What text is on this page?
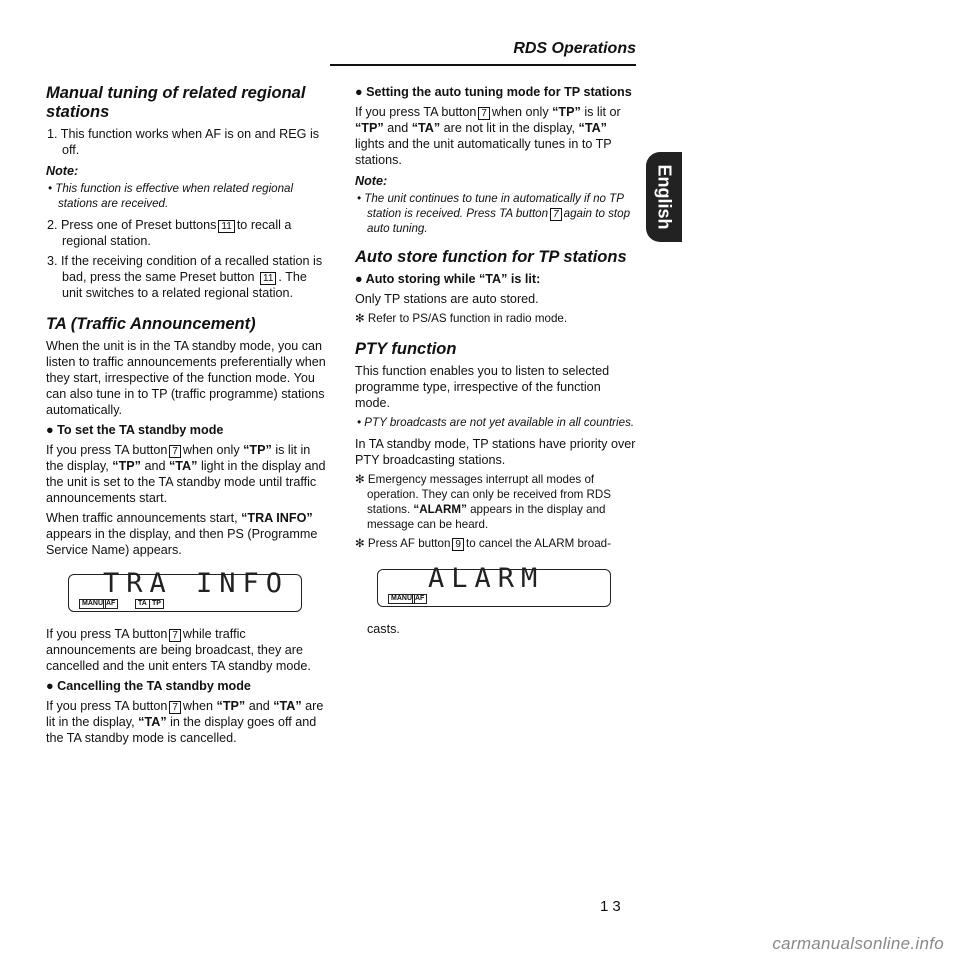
RDS Operations
English
Manual tuning of related regional stations

1. This function works when AF is on and REG is off.

Note:

• This function is effective when related regional stations are received.

2. Press one of Preset buttons 11 to recall a regional station.

3. If the receiving condition of a recalled station is bad, press the same Preset button 11 . The unit switches to a related regional station.

TA (Traffic Announcement)

When the unit is in the TA standby mode, you can listen to traffic announcements preferentially when they start, irrespective of the function mode. You can also tune in to TP (traffic programme) stations automatically.

● To set the TA standby mode

If you press TA button 7 when only “TP” is lit in the display, “TP” and “TA” light in the display and the unit is set to the TA standby mode until traffic announcements start.

When traffic announcements start, “TRA INFO” appears in the display, and then PS (Programme Service Name) appears.

TRA INFO
MANU AF	TA TP

If you press TA button 7 while traffic announcements are being broadcast, they are cancelled and the unit enters TA standby mode.

● Cancelling the TA standby mode

If you press TA button 7 when “TP” and “TA” are lit in the display, “TA” in the display goes off and the TA standby mode is cancelled.

● Setting the auto tuning mode for TP stations

If you press TA button 7 when only “TP” is lit or “TP” and “TA” are not lit in the display, “TA” lights and the unit automatically tunes in to TP stations.

Note:

• The unit continues to tune in automatically if no TP station is received. Press TA button 7 again to stop auto tuning.

Auto store function for TP stations

● Auto storing while “TA” is lit:

Only TP stations are auto stored.

✻ Refer to PS/AS function in radio mode.

PTY function

This function enables you to listen to selected programme type, irrespective of the function mode.

• PTY broadcasts are not yet available in all countries.

In TA standby mode, TP stations have priority over PTY broadcasting stations.

✻ Emergency messages interrupt all modes of operation. They can only be received from RDS stations. “ALARM” appears in the display and message can be heard.

✻ Press AF button 9 to cancel the ALARM broad-

ALARM
MANU AF

casts.

13
carmanualsonline.info
